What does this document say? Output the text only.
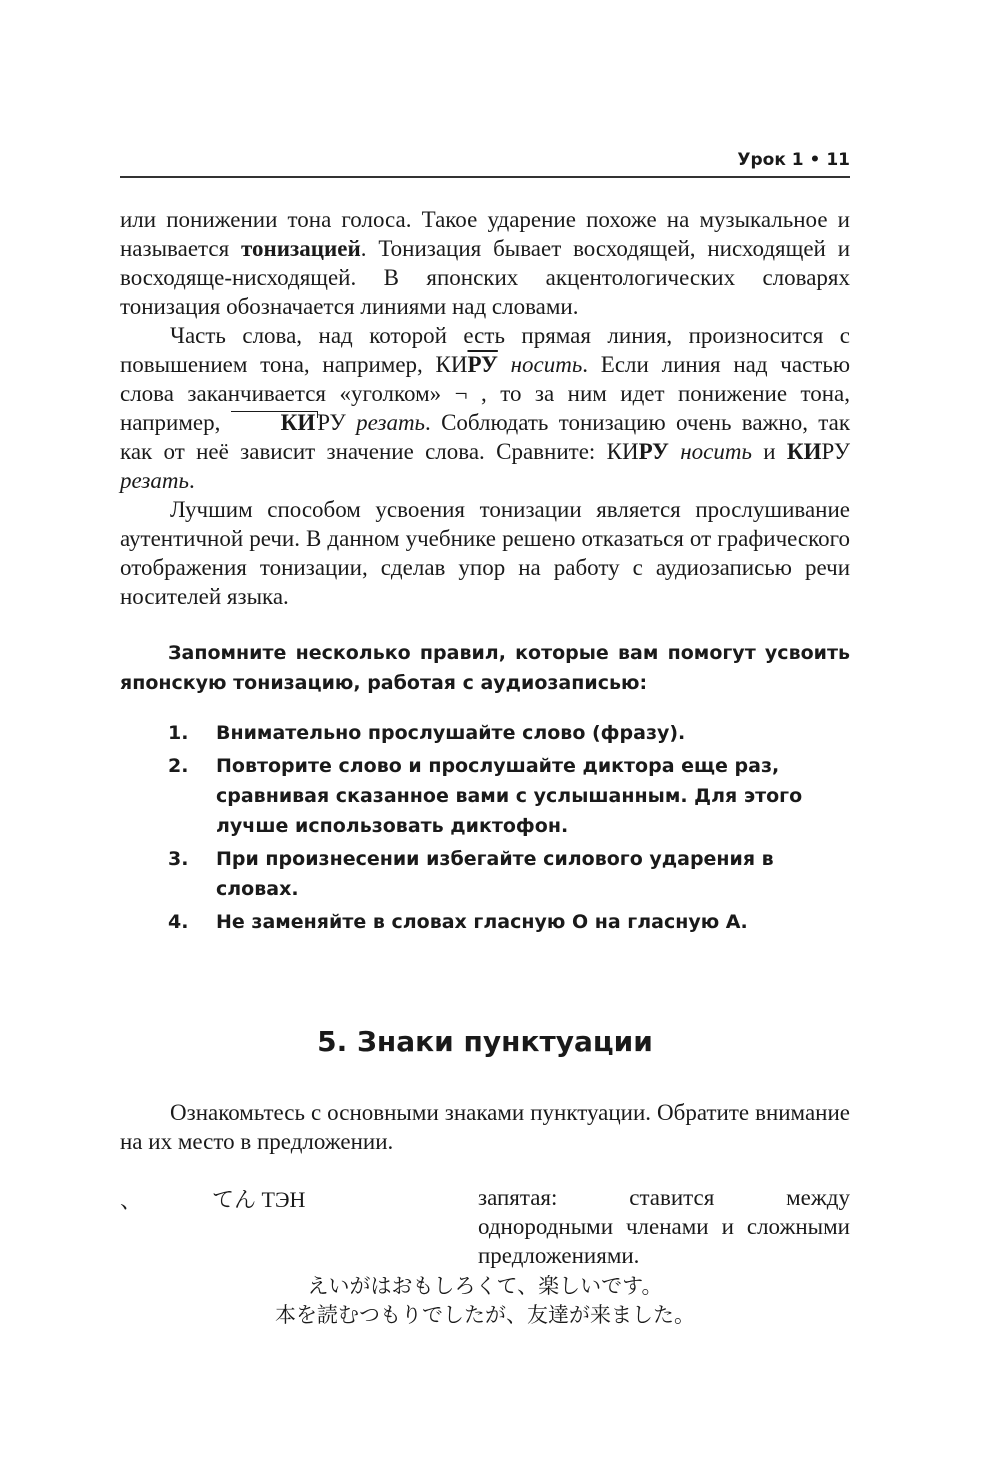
Урок 1 • 11

или понижении тона голоса. Такое ударение похоже на музыкальное и называется тонизацией. Тонизация бывает восходящей, нисходящей и восходяще-нисходящей. В японских акцентологических словарях тонизация обозначается линиями над словами.

Часть слова, над которой есть прямая линия, произносится с повышением тона, например, КИРУ носить. Если линия над частью слова заканчивается «уголком» ¬ , то за ним идет понижение тона, например, КИРУ резать. Соблюдать тонизацию очень важно, так как от неё зависит значение слова. Сравните: КИРУ носить и КИРУ резать.

Лучшим способом усвоения тонизации является прослушивание аутентичной речи. В данном учебнике решено отказаться от графического отображения тонизации, сделав упор на работу с аудиозаписью речи носителей языка.

Запомните несколько правил, которые вам помогут усвоить японскую тонизацию, работая с аудиозаписью:

1.	Внимательно прослушайте слово (фразу).
2.	Повторите слово и прослушайте диктора еще раз, сравнивая сказанное вами с услышанным. Для этого лучше использовать диктофон.
3.	При произнесении избегайте силового ударения в словах.
4.	Не заменяйте в словах гласную О на гласную А.
5. Знаки пунктуации

Ознакомьтесь с основными знаками пунктуации. Обратите внимание на их место в предложении.

、	てん ТЭН	запятая: ставится между однородными членами и сложными предложениями.
えいがはおもしろくて、楽しいです。
本を読むつもりでしたが、友達が来ました。
